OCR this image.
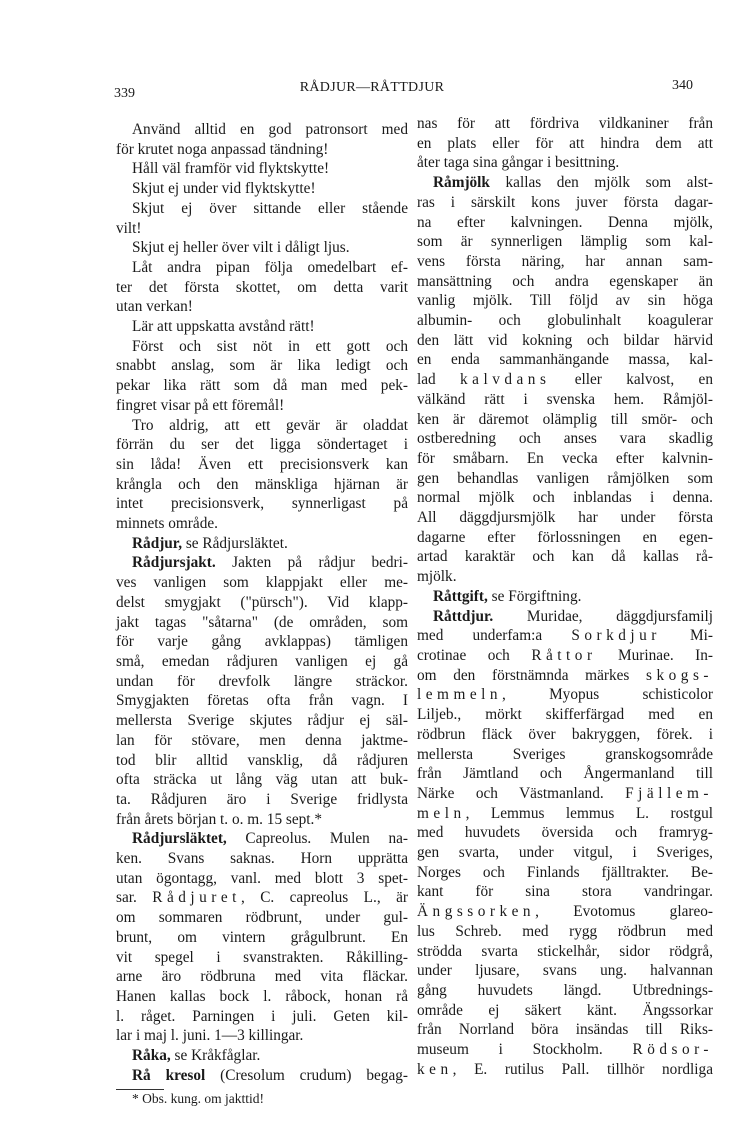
339	RÅDJUR—RÅTTDJUR	340
Använd alltid en god patronsort med
för krutet noga anpassad tändning!
Håll väl framför vid flyktskytte!
Skjut ej under vid flyktskytte!
Skjut ej över sittande eller stående
vilt!
Skjut ej heller över vilt i dåligt ljus.
Låt andra pipan följa omedelbart ef-
ter det första skottet, om detta varit
utan verkan!
Lär att uppskatta avstånd rätt!
Först och sist nöt in ett gott och
snabbt anslag, som är lika ledigt och
pekar lika rätt som då man med pek-
fingret visar på ett föremål!
Tro aldrig, att ett gevär är oladdat
förrän du ser det ligga söndertaget i
sin låda! Även ett precisionsverk kan
krångla och den mänskliga hjärnan är
intet precisionsverk, synnerligast på
minnets område.
Rådjur, se Rådjursläktet.
Rådjursjakt. Jakten på rådjur bedri-
ves vanligen som klappjakt eller me-
delst smygjakt ("pürsch"). Vid klapp-
jakt tagas "såtarna" (de områden, som
för varje gång avklappas) tämligen
små, emedan rådjuren vanligen ej gå
undan för drevfolk längre sträckor.
Smygjakten företas ofta från vagn. I
mellersta Sverige skjutes rådjur ej säl-
lan för stövare, men denna jaktme-
tod blir alltid vansklig, då rådjuren
ofta sträcka ut lång väg utan att buk-
ta. Rådjuren äro i Sverige fridlysta
från årets början t. o. m. 15 sept.*
Rådjursläktet, Capreolus. Mulen na-
ken. Svans saknas. Horn upprätta
utan ögontagg, vanl. med blott 3 spet-
sar. Rådjuret, C. capreolus L., är
om sommaren rödbrunt, under gul-
brunt, om vintern grågulbrunt. En
vit spegel i svanstrakten. Råkilling-
arne äro rödbruna med vita fläckar.
Hanen kallas bock l. råbock, honan rå
l. råget. Parningen i juli. Geten kil-
lar i maj l. juni. 1—3 killingar.
Råka, se Kråkfåglar.
Rå kresol (Cresolum crudum) begag-
* Obs. kung. om jakttid!
nas för att fördriva vildkaniner från
en plats eller för att hindra dem att
åter taga sina gångar i besittning.
Råmjölk kallas den mjölk som alst-
ras i särskilt kons juver första dagar-
na efter kalvningen. Denna mjölk,
som är synnerligen lämplig som kal-
vens första näring, har annan sam-
mansättning och andra egenskaper än
vanlig mjölk. Till följd av sin höga
albumin- och globulinhalt koagulerar
den lätt vid kokning och bildar härvid
en enda sammanhängande massa, kal-
lad kalvdans eller kalvost, en
välkänd rätt i svenska hem. Råmjöl-
ken är däremot olämplig till smör- och
ostberedning och anses vara skadlig
för småbarn. En vecka efter kalvnin-
gen behandlas vanligen råmjölken som
normal mjölk och inblandas i denna.
All däggdjursmjölk har under första
dagarne efter förlossningen en egen-
artad karaktär och kan då kallas rå-
mjölk.
Råttgift, se Förgiftning.
Råttdjur. Muridae, däggdjursfamilj
med underfam:a Sorkdjur Mi-
crotinae och Råttor Murinae. In-
om den förstnämnda märkes skogs-
lemmeln, Myopus schisticolor
Liljeb., mörkt skifferfärgad med en
rödbrun fläck över bakryggen, förek. i
mellersta Sveriges granskogsområde
från Jämtland och Ångermanland till
Närke och Västmanland. Fjällem-
meln, Lemmus lemmus L. rostgul
med huvudets översida och framryg-
gen svarta, under vitgul, i Sveriges,
Norges och Finlands fjälltrakter. Be-
kant för sina stora vandringar.
Ängssorken, Evotomus glareo-
lus Schreb. med rygg rödbrun med
strödda svarta stickelhår, sidor rödgrå,
under ljusare, svans ung. halvannan
gång huvudets längd. Utbrednings-
område ej säkert känt. Ängssorkar
från Norrland böra insändas till Riks-
museum i Stockholm. Rödsor-
ken, E. rutilus Pall. tillhör nordliga
